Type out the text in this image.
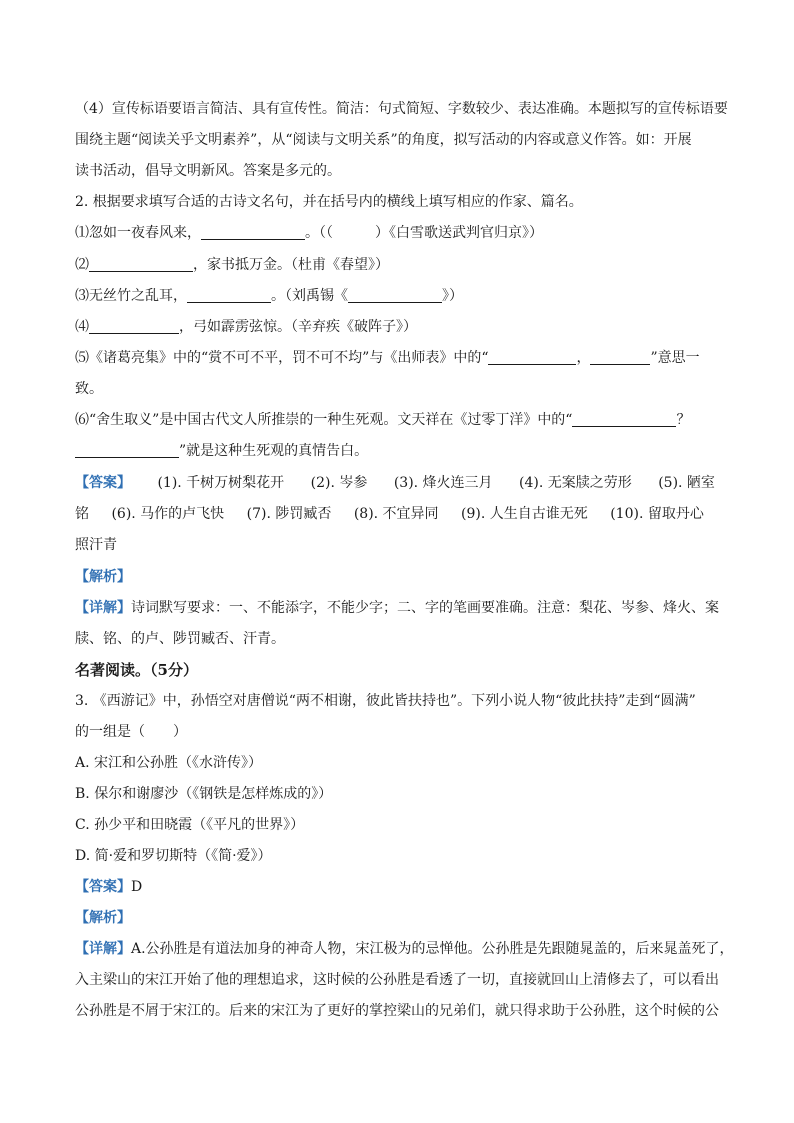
（4）宣传标语要语言简洁、具有宣传性。简洁：句式简短、字数较少、表达准确。本题拟写的宣传标语要
围绕主题“阅读关乎文明素养”，从“阅读与文明关系”的角度，拟写活动的内容或意义作答。如：开展
读书活动，倡导文明新风。答案是多元的。
2. 根据要求填写合适的古诗文名句，并在括号内的横线上填写相应的作家、篇名。
⑴忽如一夜春风来，	。（（	）《白雪歌送武判官归京》）
⑵	，家书抵万金。（杜甫《春望》）
⑶无丝竹之乱耳，	。（刘禹锡《	》）
⑷	，弓如霹雳弦惊。（辛弃疾《破阵子》）
⑸《诸葛亮集》中的“赏不可不平，罚不可不均”与《出师表》中的“	，	”意思一
致。
⑹“舍生取义”是中国古代文人所推崇的一种生死观。文天祥在《过零丁洋》中的“	？
”就是这种生死观的真情告白。
【答案】 (1). 千树万树梨花开 (2). 岑参 (3). 烽火连三月 (4). 无案牍之劳形 (5). 陋室
铭 (6). 马作的卢飞快 (7). 陟罚臧否 (8). 不宜异同 (9). 人生自古谁无死 (10). 留取丹心
照汗青
【解析】
【详解】诗词默写要求：一、不能添字，不能少字；二、字的笔画要准确。注意：梨花、岑参、烽火、案
牍、铭、的卢、陟罚臧否、汗青。
名著阅读。（5分）
3. 《西游记》中，孙悟空对唐僧说“两不相谢，彼此皆扶持也”。下列小说人物“彼此扶持”走到“圆满”
的一组是（　　）
A. 宋江和公孙胜（《水浒传》）
B. 保尔和谢廖沙（《钢铁是怎样炼成的》）
C. 孙少平和田晓霞（《平凡的世界》）
D. 简·爱和罗切斯特（《简·爱》）
【答案】D
【解析】
【详解】A.公孙胜是有道法加身的神奇人物，宋江极为的忌惮他。公孙胜是先跟随晁盖的，后来晁盖死了，
入主梁山的宋江开始了他的理想追求，这时候的公孙胜是看透了一切，直接就回山上清修去了，可以看出
公孙胜是不屑于宋江的。后来的宋江为了更好的掌控梁山的兄弟们，就只得求助于公孙胜，这个时候的公
